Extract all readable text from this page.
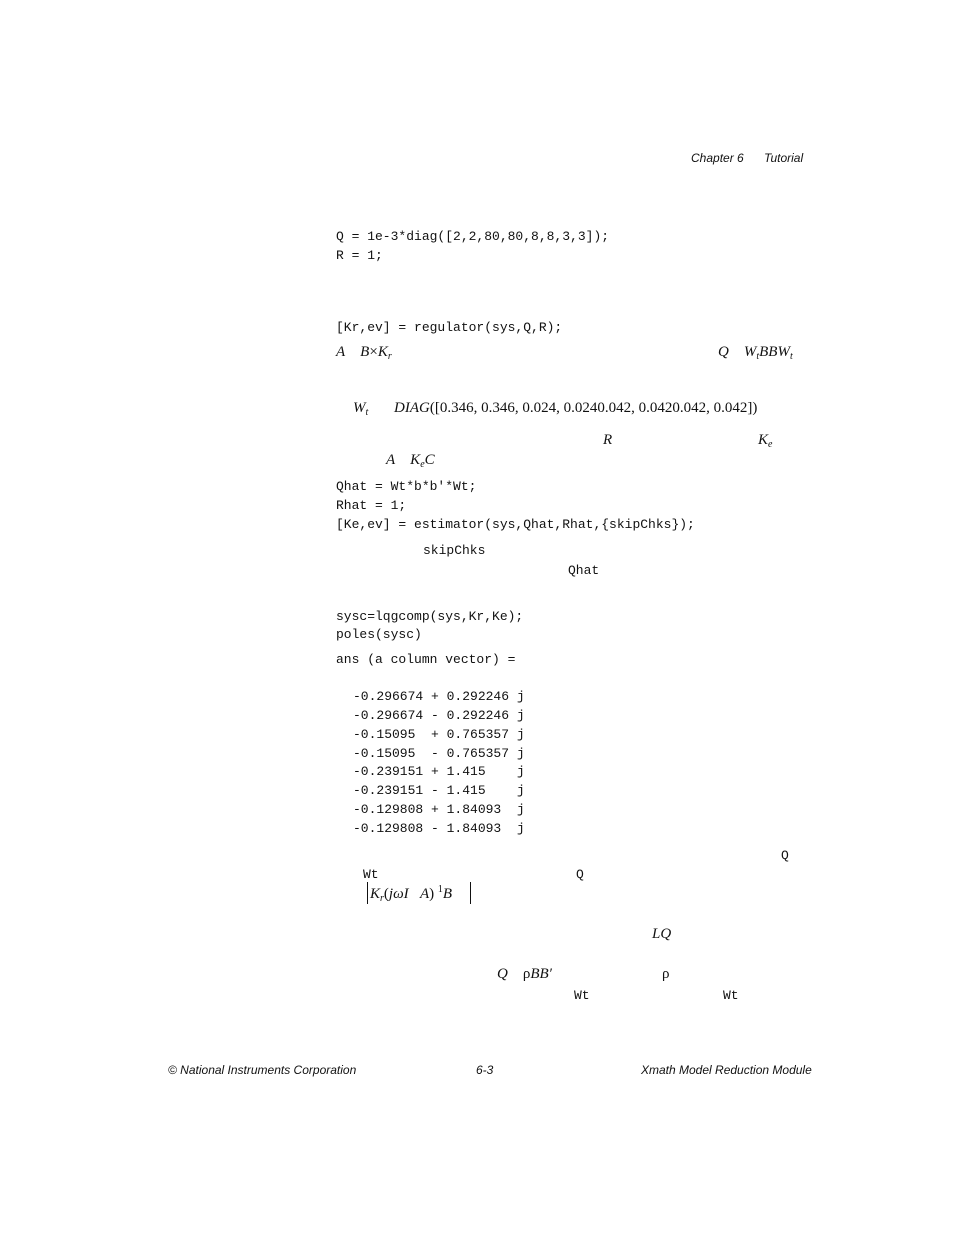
Chapter 6 Tutorial
Q = 1e-3*diag([2,2,80,80,8,8,3,3]);
R = 1;
[Kr,ev] = regulator(sys,Q,R);
A $B\times K_r$	Q $W_tBBW_t$
$W_t$ DIAG([0.346, 0.346, 0.024, 0.0240.042, 0.0420.042, 0.042])
R	$K_e$
A $K_eC$
Qhat = Wt*b*b'*Wt;
Rhat = 1;
[Ke,ev] = estimator(sys,Qhat,Rhat,{skipChks});
skipChks
Qhat
sysc=lqgcomp(sys,Kr,Ke);
poles(sysc)
ans (a column vector) =
-0.296674 + 0.292246 j
-0.296674 - 0.292246 j
-0.15095  + 0.765357 j
-0.15095  - 0.765357 j
-0.239151 + 1.415    j
-0.239151 - 1.415    j
-0.129808 + 1.84093  j
-0.129808 - 1.84093  j
Q
Wt	Q
$K_r(j\omega I$ A) $^1$B
LQ
Q ρBB′	ρ
Wt	Wt
© National Instruments Corporation	6-3	Xmath Model Reduction Module
